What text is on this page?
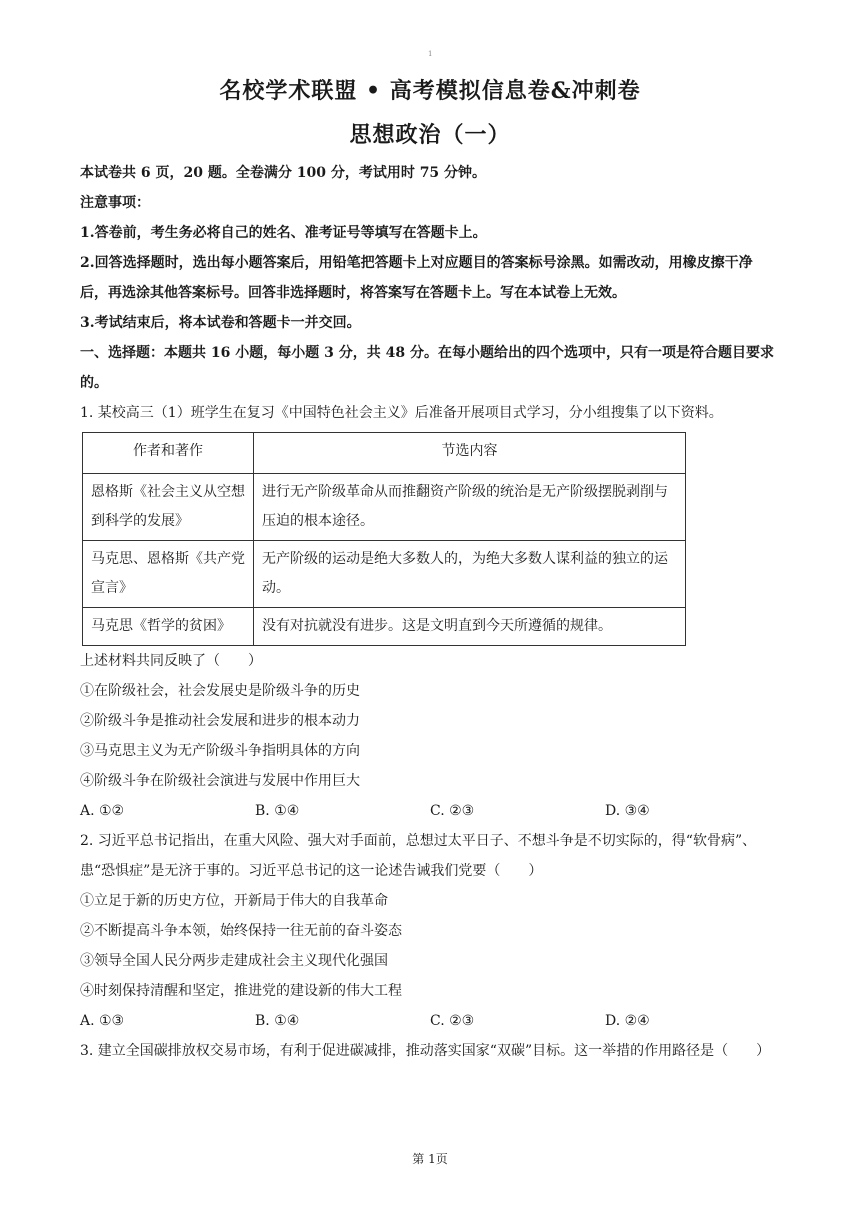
1
名校学术联盟 • 高考模拟信息卷&冲刺卷
思想政治（一）

本试卷共 6 页，20 题。全卷满分 100 分，考试用时 75 分钟。

注意事项：

1.答卷前，考生务必将自己的姓名、准考证号等填写在答题卡上。

2.回答选择题时，选出每小题答案后，用铅笔把答题卡上对应题目的答案标号涂黑。如需改动，用橡皮擦干净后，再选涂其他答案标号。回答非选择题时，将答案写在答题卡上。写在本试卷上无效。

3.考试结束后，将本试卷和答题卡一并交回。

一、选择题：本题共 16 小题，每小题 3 分，共 48 分。在每小题给出的四个选项中，只有一项是符合题目要求的。

1. 某校高三（1）班学生在复习《中国特色社会主义》后准备开展项目式学习，分小组搜集了以下资料。

作者和著作	节选内容
恩格斯《社会主义从空想到科学的发展》	进行无产阶级革命从而推翻资产阶级的统治是无产阶级摆脱剥削与压迫的根本途径。
马克思、恩格斯《共产党宣言》	无产阶级的运动是绝大多数人的，为绝大多数人谋利益的独立的运动。
马克思《哲学的贫困》	没有对抗就没有进步。这是文明直到今天所遵循的规律。

上述材料共同反映了（　　）

①在阶级社会，社会发展史是阶级斗争的历史

②阶级斗争是推动社会发展和进步的根本动力

③马克思主义为无产阶级斗争指明具体的方向

④阶级斗争在阶级社会演进与发展中作用巨大

A. ①②	B. ①④	C. ②③	D. ③④

2. 习近平总书记指出，在重大风险、强大对手面前，总想过太平日子、不想斗争是不切实际的，得“软骨病”、患“恐惧症”是无济于事的。习近平总书记的这一论述告诫我们党要（　　）

①立足于新的历史方位，开新局于伟大的自我革命

②不断提高斗争本领，始终保持一往无前的奋斗姿态

③领导全国人民分两步走建成社会主义现代化强国

④时刻保持清醒和坚定，推进党的建设新的伟大工程

A. ①③	B. ①④	C. ②③	D. ②④

3. 建立全国碳排放权交易市场，有利于促进碳减排，推动落实国家“双碳”目标。这一举措的作用路径是（　　）

第 1页
